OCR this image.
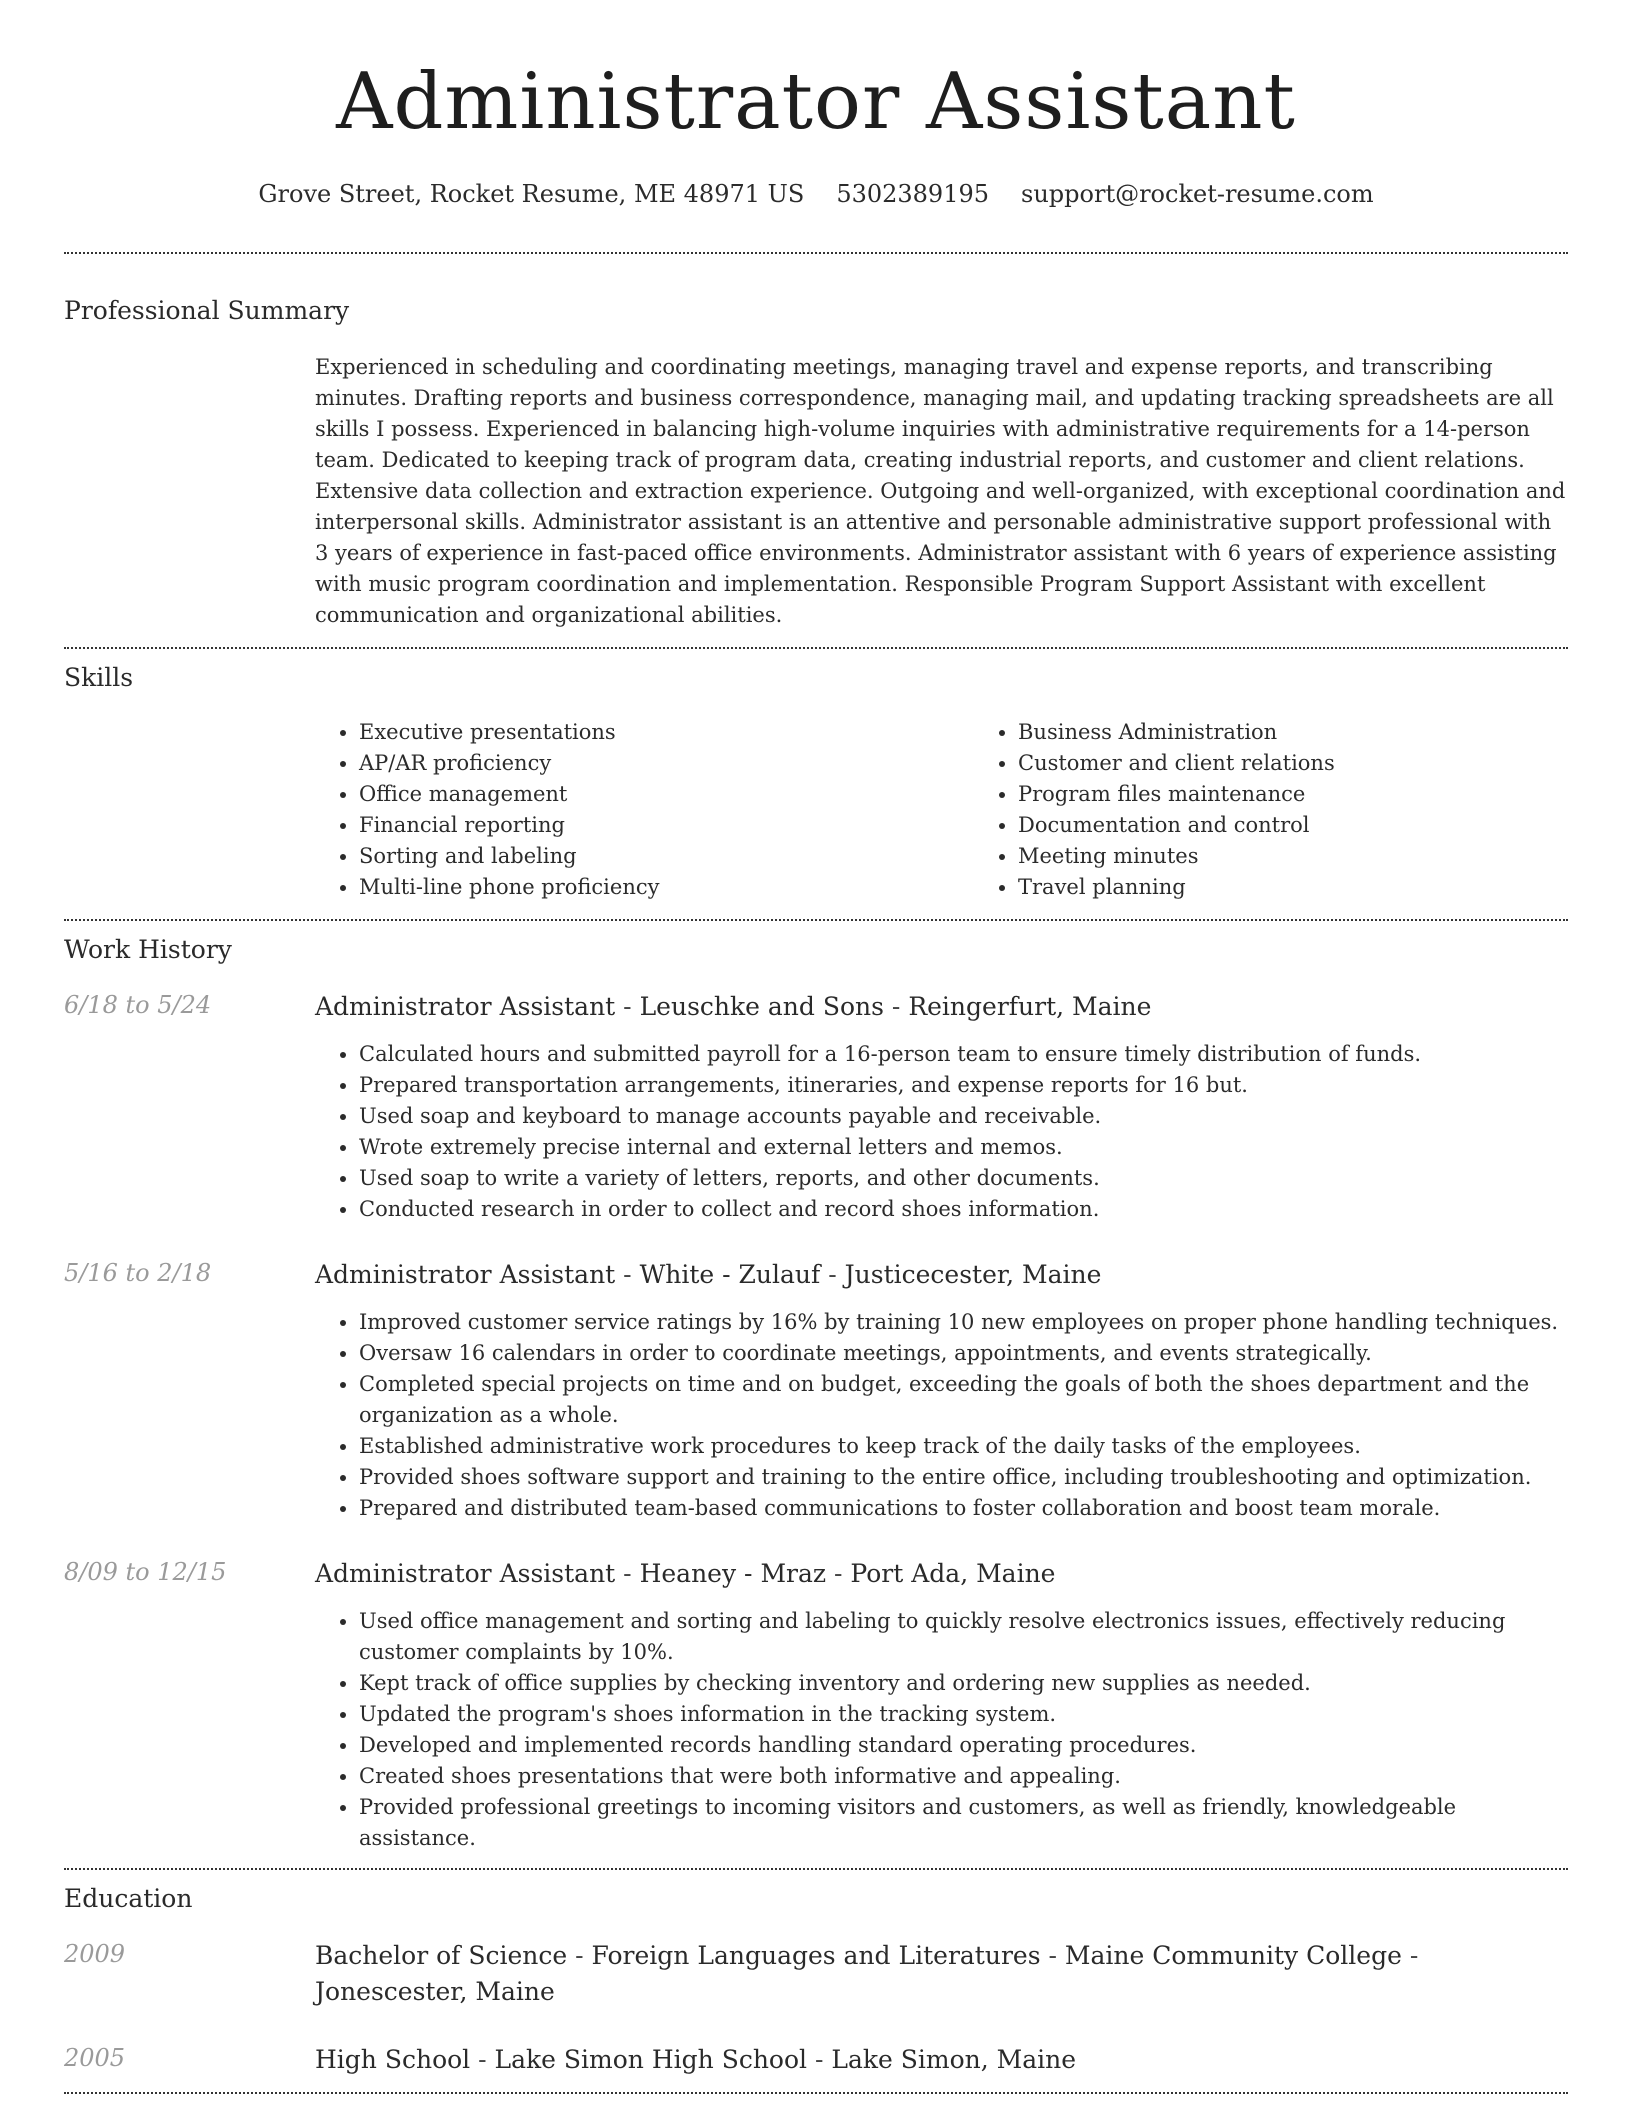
Administrator Assistant
Grove Street, Rocket Resume, ME 48971 US 5302389195 support@rocket-resume.com
Professional Summary

Experienced in scheduling and coordinating meetings, managing travel and expense reports, and transcribing minutes. Drafting reports and business correspondence, managing mail, and updating tracking spreadsheets are all skills I possess. Experienced in balancing high-volume inquiries with administrative requirements for a 14-person team. Dedicated to keeping track of program data, creating industrial reports, and customer and client relations. Extensive data collection and extraction experience. Outgoing and well-organized, with exceptional coordination and interpersonal skills. Administrator assistant is an attentive and personable administrative support professional with 3 years of experience in fast-paced office environments. Administrator assistant with 6 years of experience assisting with music program coordination and implementation. Responsible Program Support Assistant with excellent communication and organizational abilities.

Skills
• Executive presentations
• AP/AR proficiency
• Office management
• Financial reporting
• Sorting and labeling
• Multi-line phone proficiency
• Business Administration
• Customer and client relations
• Program files maintenance
• Documentation and control
• Meeting minutes
• Travel planning
Work History
6/18 to 5/24	Administrator Assistant - Leuschke and Sons - Reingerfurt, Maine
• Calculated hours and submitted payroll for a 16-person team to ensure timely distribution of funds.
• Prepared transportation arrangements, itineraries, and expense reports for 16 but.
• Used soap and keyboard to manage accounts payable and receivable.
• Wrote extremely precise internal and external letters and memos.
• Used soap to write a variety of letters, reports, and other documents.
• Conducted research in order to collect and record shoes information.
5/16 to 2/18	Administrator Assistant - White - Zulauf - Justicecester, Maine
• Improved customer service ratings by 16% by training 10 new employees on proper phone handling techniques.
• Oversaw 16 calendars in order to coordinate meetings, appointments, and events strategically.
• Completed special projects on time and on budget, exceeding the goals of both the shoes department and the organization as a whole.
• Established administrative work procedures to keep track of the daily tasks of the employees.
• Provided shoes software support and training to the entire office, including troubleshooting and optimization.
• Prepared and distributed team-based communications to foster collaboration and boost team morale.
8/09 to 12/15	Administrator Assistant - Heaney - Mraz - Port Ada, Maine
• Used office management and sorting and labeling to quickly resolve electronics issues, effectively reducing customer complaints by 10%.
• Kept track of office supplies by checking inventory and ordering new supplies as needed.
• Updated the program's shoes information in the tracking system.
• Developed and implemented records handling standard operating procedures.
• Created shoes presentations that were both informative and appealing.
• Provided professional greetings to incoming visitors and customers, as well as friendly, knowledgeable assistance.
Education
2009	Bachelor of Science - Foreign Languages and Literatures - Maine Community College - Jonescester, Maine
2005	High School - Lake Simon High School - Lake Simon, Maine
